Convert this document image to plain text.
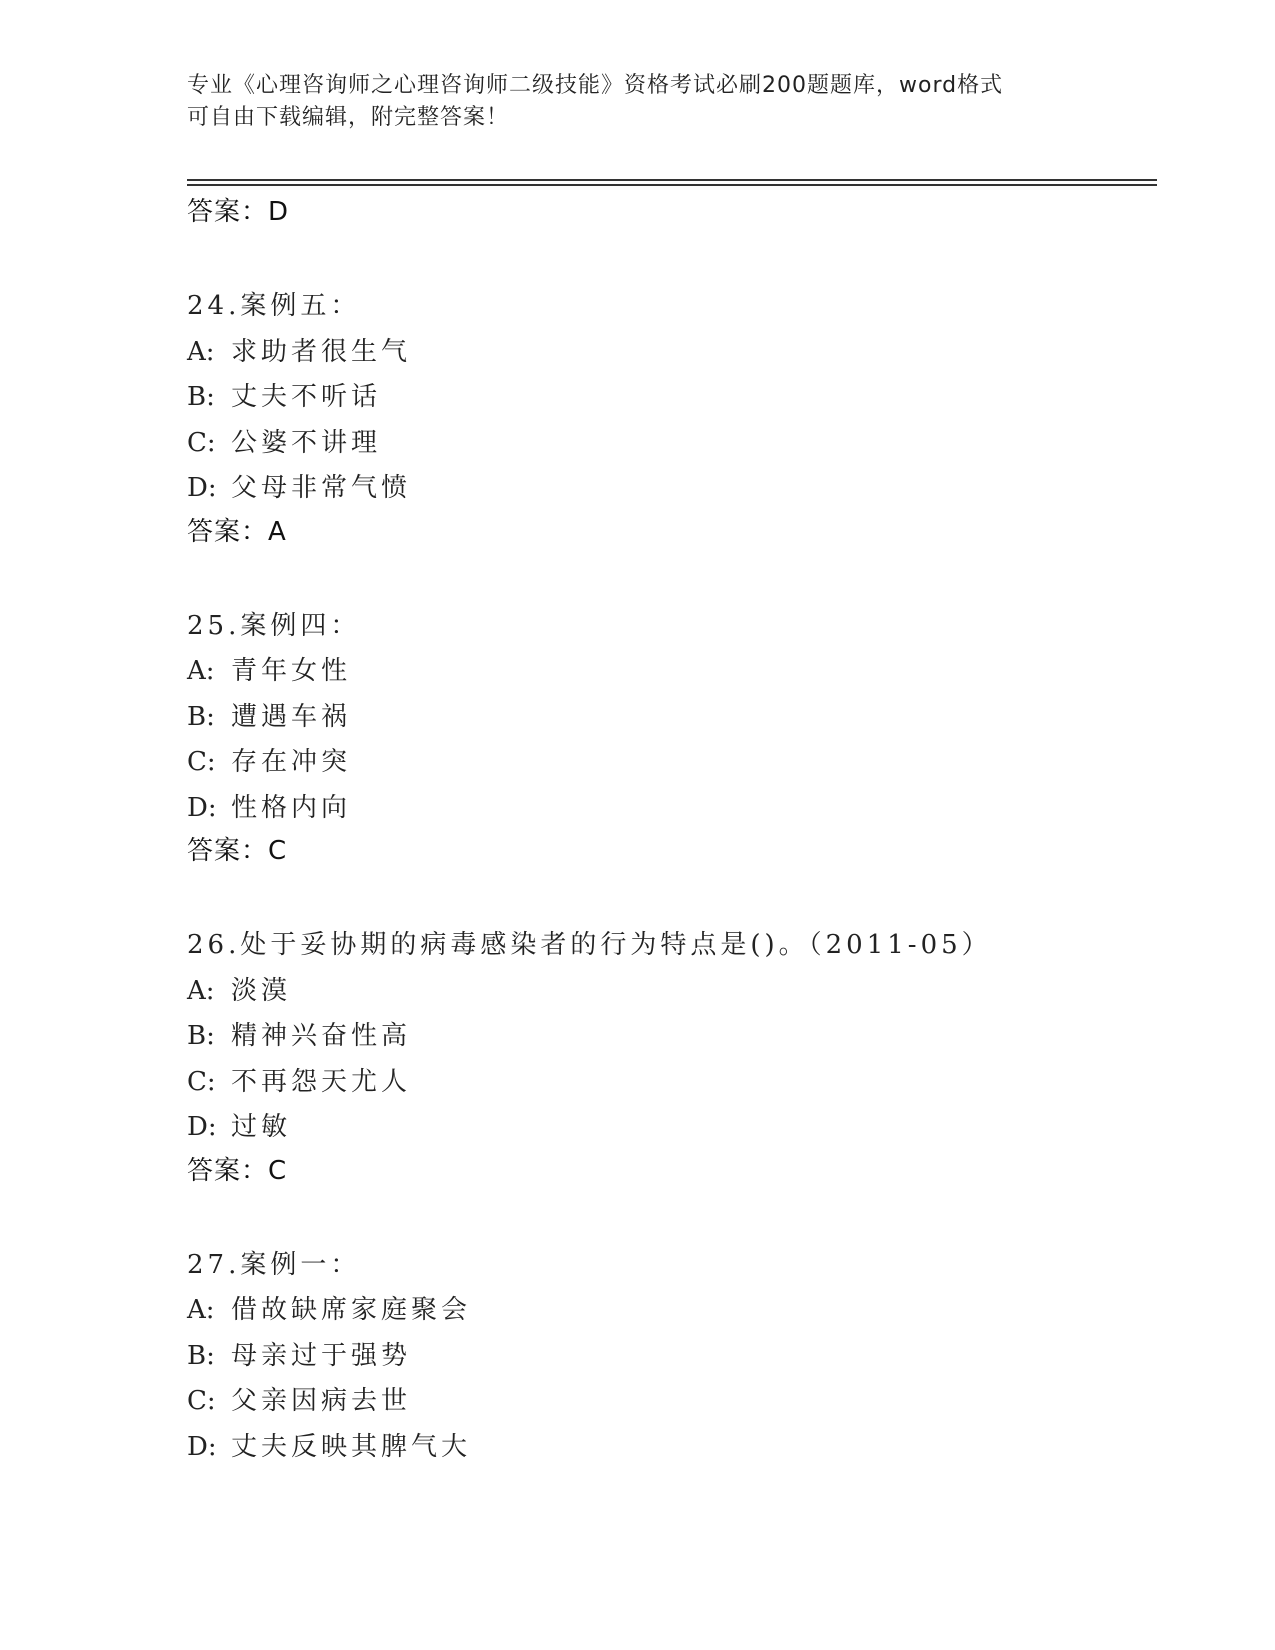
专业《心理咨询师之心理咨询师二级技能》资格考试必刷200题题库，word格式
可自由下载编辑，附完整答案！
答案：D
24.案例五：
A: 求助者很生气
B: 丈夫不听话
C: 公婆不讲理
D: 父母非常气愤
答案：A
25.案例四：
A: 青年女性
B: 遭遇车祸
C: 存在冲突
D: 性格内向
答案：C
26.处于妥协期的病毒感染者的行为特点是()。（2011-05）
A: 淡漠
B: 精神兴奋性高
C: 不再怨天尤人
D: 过敏
答案：C
27.案例一：
A: 借故缺席家庭聚会
B: 母亲过于强势
C: 父亲因病去世
D: 丈夫反映其脾气大
